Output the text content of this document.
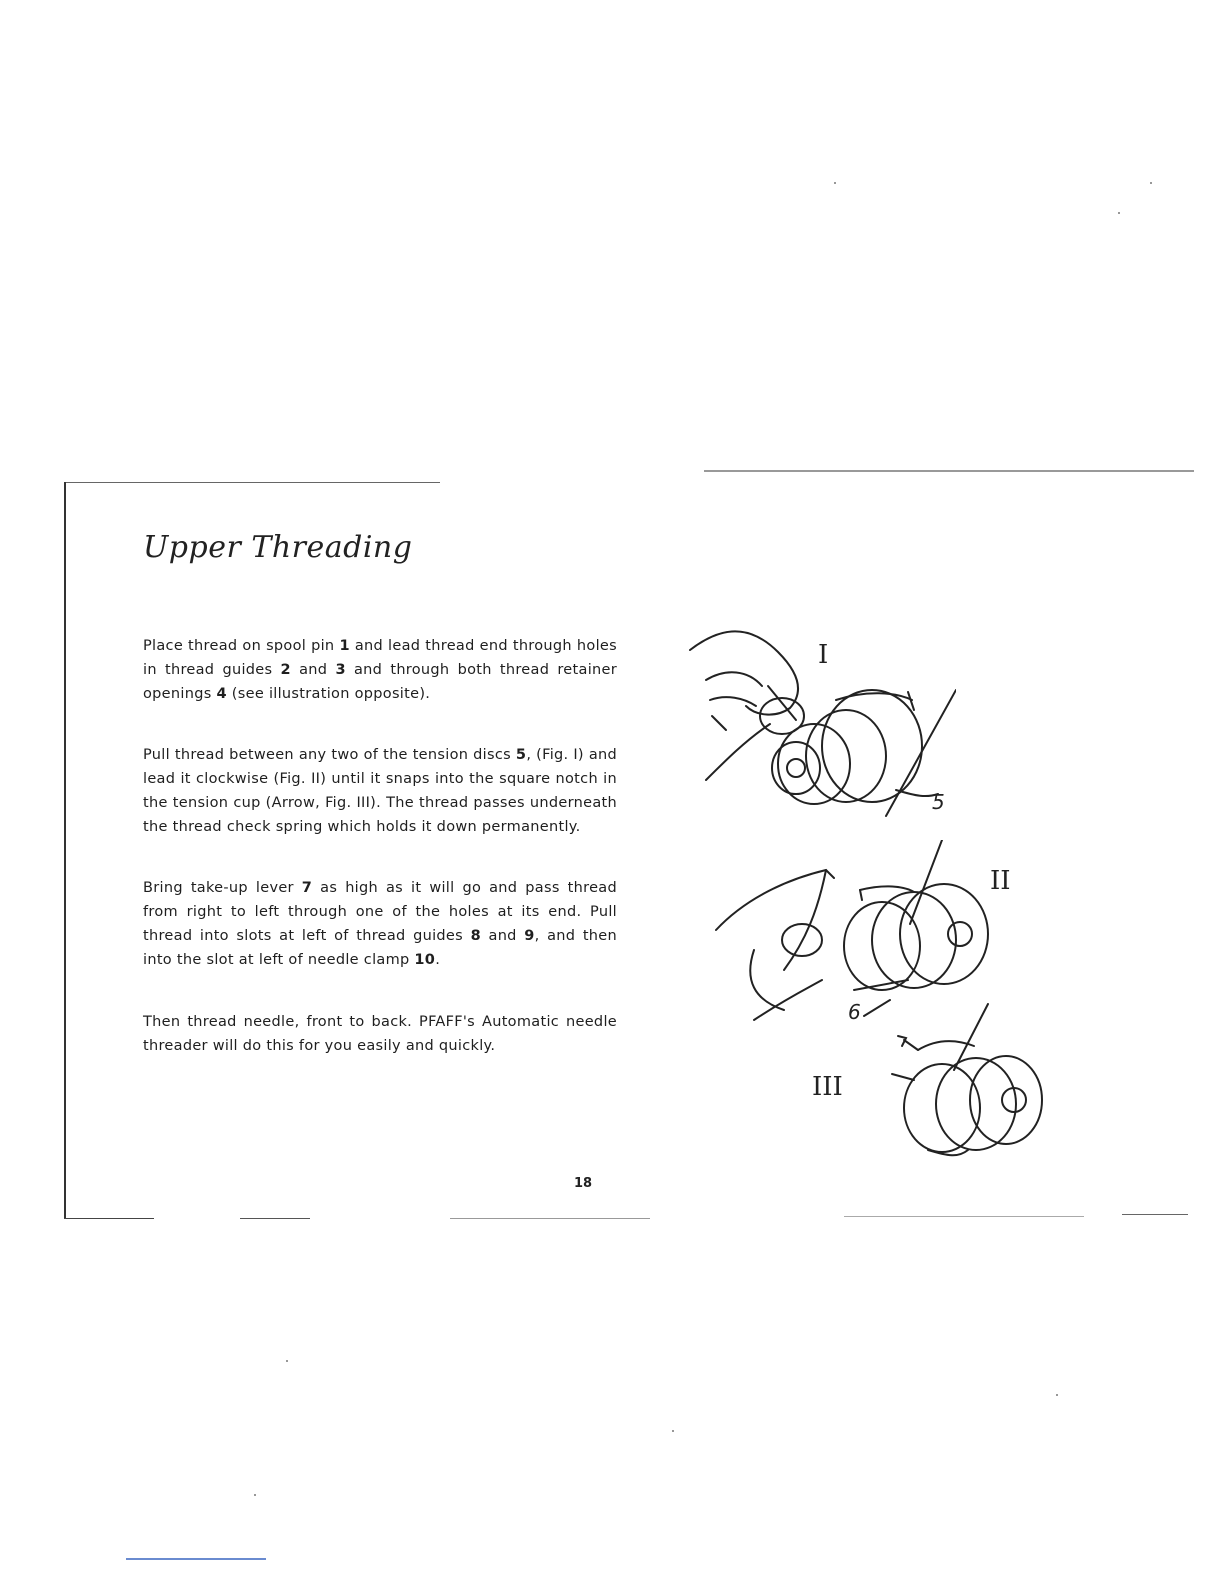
Upper Threading
Place thread on spool pin 1 and lead thread end through holes in thread guides 2 and 3 and through both thread retainer openings 4 (see illustration opposite).
Pull thread between any two of the tension discs 5, (Fig. I) and lead it clockwise (Fig. II) until it snaps into the square notch in the tension cup (Arrow, Fig. III). The thread passes underneath the thread check spring which holds it down permanently.
Bring take-up lever 7 as high as it will go and pass thread from right to left through one of the holes at its end. Pull thread into slots at left of thread guides 8 and 9, and then into the slot at left of needle clamp 10.
Then thread needle, front to back. PFAFF's Automatic needle threader will do this for you easily and quickly.
I
5
II
6
III
18
